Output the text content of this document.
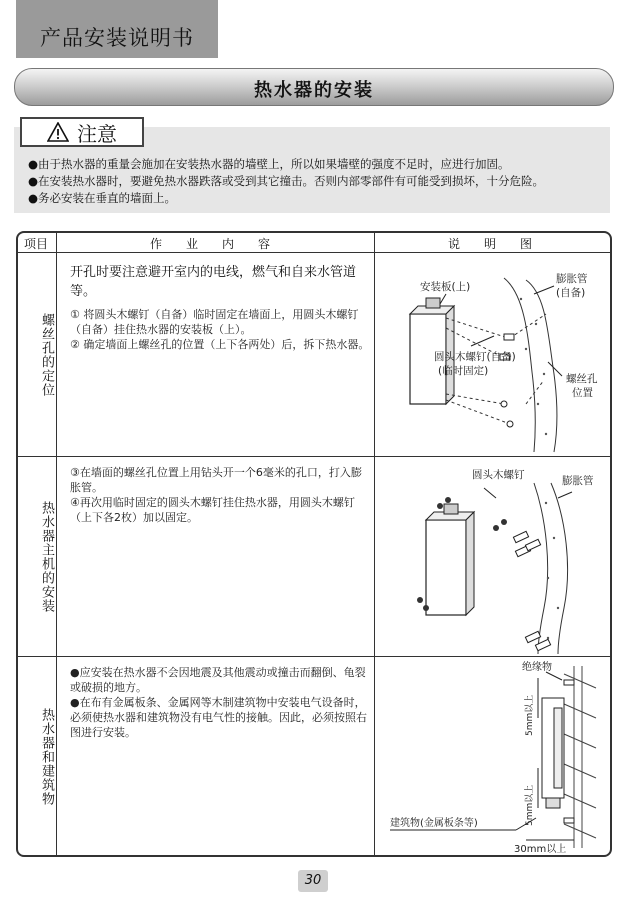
产品安装说明书
热水器的安装
注意
●由于热水器的重量会施加在安装热水器的墙壁上，所以如果墙壁的强度不足时，应进行加固。
●在安装热水器时，要避免热水器跌落或受到其它撞击。否则内部零部件有可能受到损坏，十分危险。
●务必安装在垂直的墙面上。
项目	作　　业　　内　　容	说　　明　　图
螺丝孔的定位
开孔时要注意避开室内的电线，燃气和自来水管道等。
① 将圆头木螺钉（自备）临时固定在墙面上，用圆头木螺钉（自备）挂住热水器的安装板（上）。
② 确定墙面上螺丝孔的位置（上下各两处）后，拆下热水器。
安装板(上)
膨胀管
(自备)
圆头木螺钉(自备)
(临时固定)
螺丝孔
位置
热水器主机的安装
③在墙面的螺丝孔位置上用钻头开一个6毫米的孔口，打入膨胀管。
④再次用临时固定的圆头木螺钉挂住热水器，用圆头木螺钉（上下各2枚）加以固定。
圆头木螺钉	膨胀管
热水器和建筑物
●应安装在热水器不会因地震及其他震动或撞击而翻倒、龟裂或破损的地方。
●在布有金属板条、金属网等木制建筑物中安装电气设备时，必须使热水器和建筑物没有电气性的接触。因此，必须按照右图进行安装。
绝缘物
5mm以上
5mm以上
建筑物(金属板条等)
30mm以上
30
